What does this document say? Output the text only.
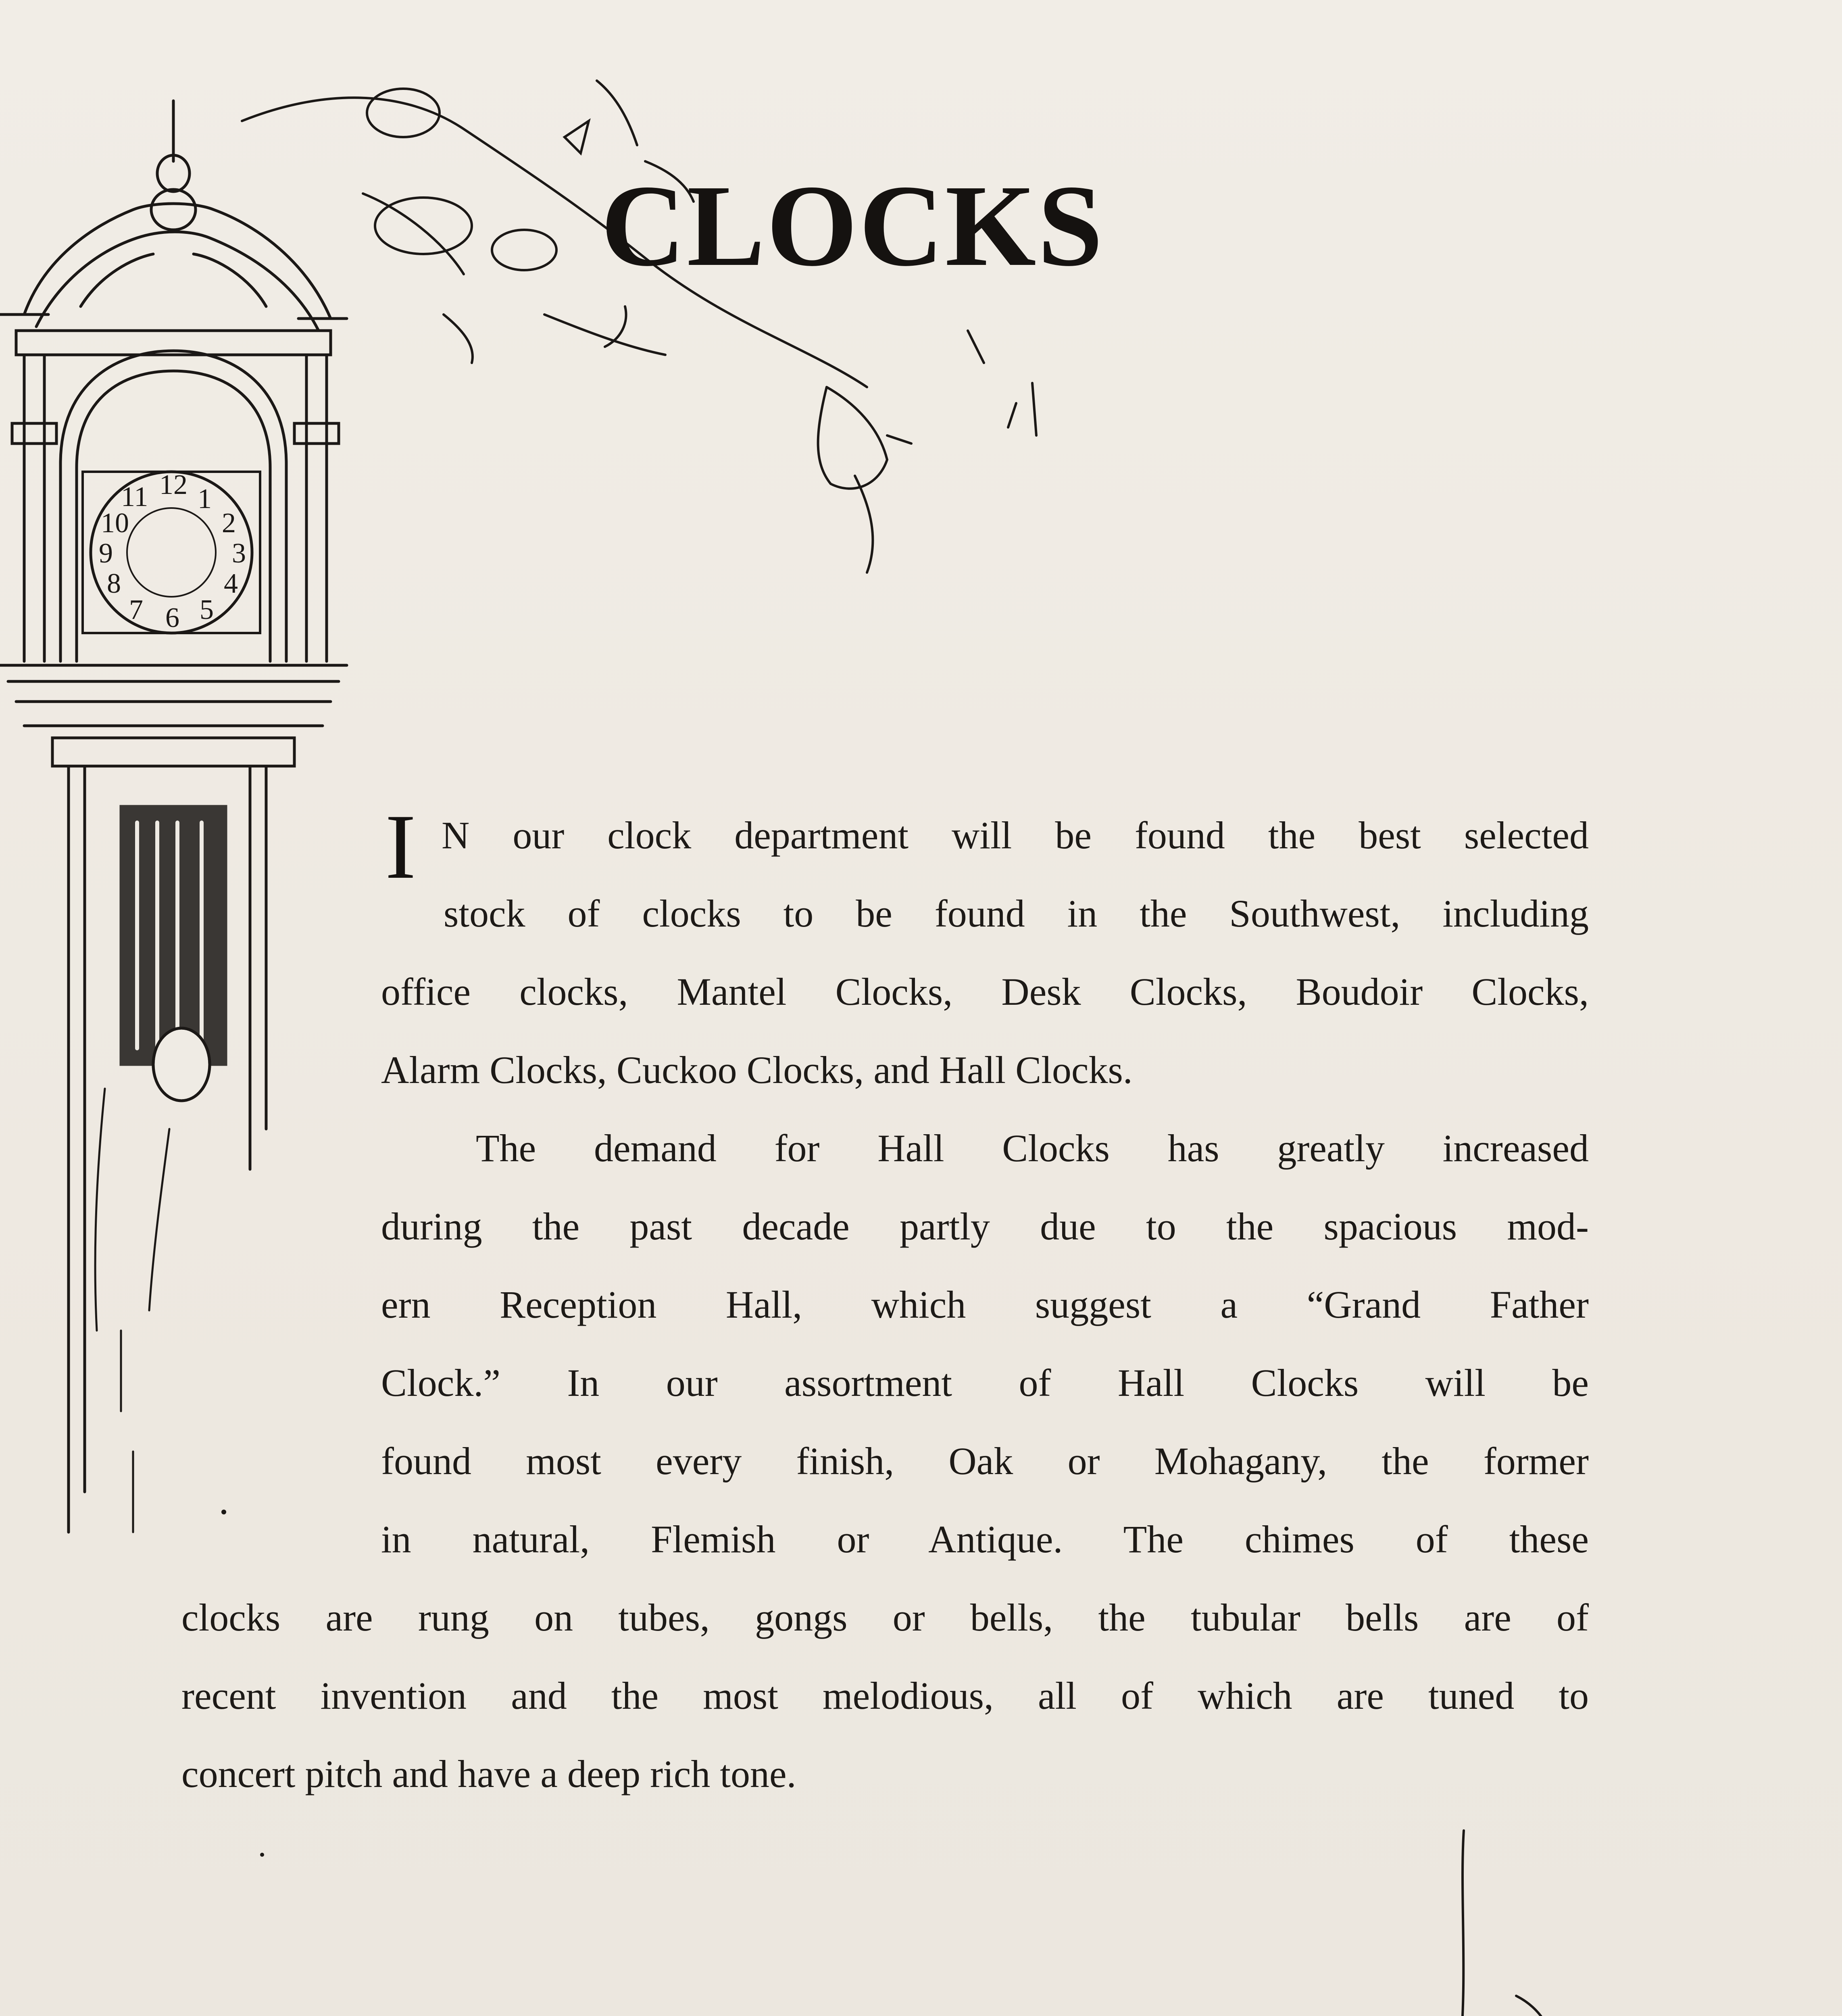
12 1
2
3
4
5
6
7
8
9
10
11
CLOCKS
I N our clock department will be found the best selected
stock of clocks to be found in the Southwest, including
office clocks, Mantel Clocks, Desk Clocks, Boudoir Clocks,
Alarm Clocks, Cuckoo Clocks, and Hall Clocks.
The demand for Hall Clocks has greatly increased
during the past decade partly due to the spacious mod-
ern Reception Hall, which suggest a “Grand Father
Clock.” In our assortment of Hall Clocks will be
found most every finish, Oak or Mohagany, the former
in natural, Flemish or Antique. The chimes of these
clocks are rung on tubes, gongs or bells, the tubular bells are of
recent invention and the most melodious, all of which are tuned to
concert pitch and have a deep rich tone.
